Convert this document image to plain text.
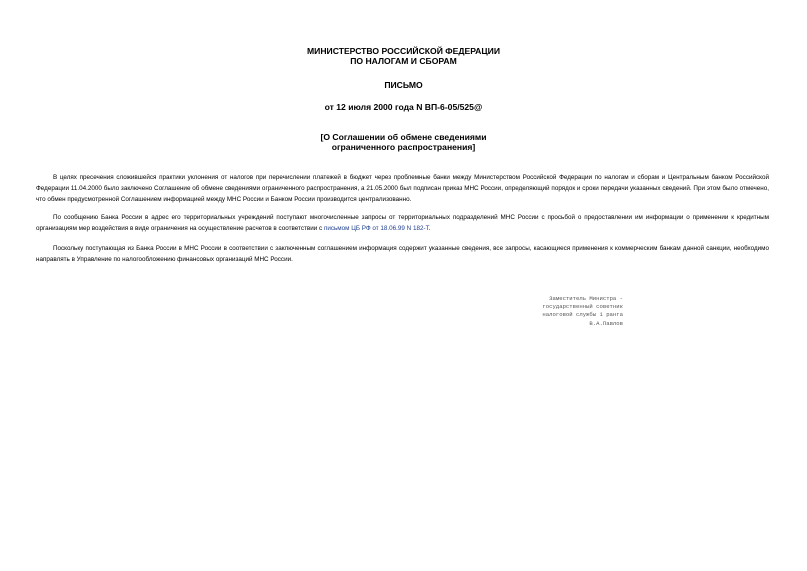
МИНИСТЕРСТВО РОССИЙСКОЙ ФЕДЕРАЦИИ
ПО НАЛОГАМ И СБОРАМ
ПИСЬМО
от 12 июля 2000 года N ВП-6-05/525@
[О Соглашении об обмене сведениями
ограниченного распространения]

В целях пресечения сложившейся практики уклонения от налогов при перечислении платежей в бюджет через проблемные банки между Министерством Российской Федерации по налогам и сборам и Центральным банком Российской Федерации 11.04.2000 было заключено Соглашение об обмене сведениями ограниченного распространения, а 21.05.2000 был подписан приказ МНС России, определяющий порядок и сроки передачи указанных сведений. При этом было отмечено, что обмен предусмотренной Соглашением информацией между МНС России и Банком России производится централизованно.

По сообщению Банка России в адрес его территориальных учреждений поступают многочисленные запросы от территориальных подразделений МНС России с просьбой о предоставлении им информации о применении к кредитным организациям мер воздействия в виде ограничения на осуществление расчетов в соответствии с письмом ЦБ РФ от 18.06.99 N 182-Т.

Поскольку поступающая из Банка России в МНС России в соответствии с заключенным соглашением информация содержит указанные сведения, все запросы, касающиеся применения к коммерческим банкам данной санкции, необходимо направлять в Управление по налогообложению финансовых организаций МНС России.

Заместитель Министра -
государственный советник
налоговой службы 1 ранга
В.А.Павлов
